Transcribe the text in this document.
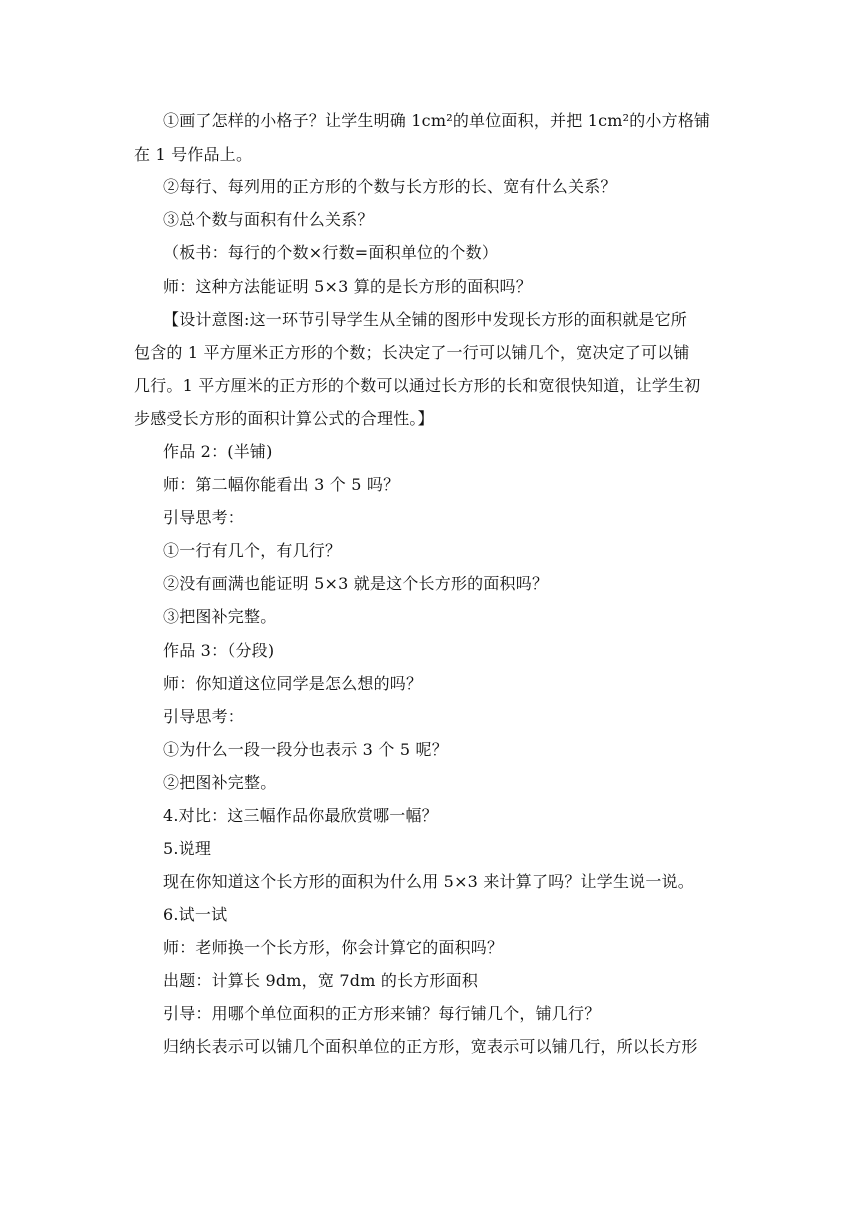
①画了怎样的小格子？让学生明确 1cm²的单位面积，并把 1cm²的小方格铺
在 1 号作品上。
②每行、每列用的正方形的个数与长方形的长、宽有什么关系？
③总个数与面积有什么关系？
（板书：每行的个数×行数=面积单位的个数）
师：这种方法能证明 5×3 算的是长方形的面积吗？
【设计意图:这一环节引导学生从全铺的图形中发现长方形的面积就是它所
包含的 1 平方厘米正方形的个数；长决定了一行可以铺几个，宽决定了可以铺
几行。1 平方厘米的正方形的个数可以通过长方形的长和宽很快知道，让学生初
步感受长方形的面积计算公式的合理性。】
作品 2：(半铺)
师：第二幅你能看出 3 个 5 吗？
引导思考：
①一行有几个，有几行？
②没有画满也能证明 5×3 就是这个长方形的面积吗？
③把图补完整。
作品 3：（分段)
师：你知道这位同学是怎么想的吗？
引导思考：
①为什么一段一段分也表示 3 个 5 呢？
②把图补完整。
4.对比：这三幅作品你最欣赏哪一幅？
5.说理
现在你知道这个长方形的面积为什么用 5×3 来计算了吗？让学生说一说。
6.试一试
师：老师换一个长方形，你会计算它的面积吗？
出题：计算长 9dm，宽 7dm 的长方形面积
引导：用哪个单位面积的正方形来铺？每行铺几个，铺几行？
归纳长表示可以铺几个面积单位的正方形，宽表示可以铺几行，所以长方形
